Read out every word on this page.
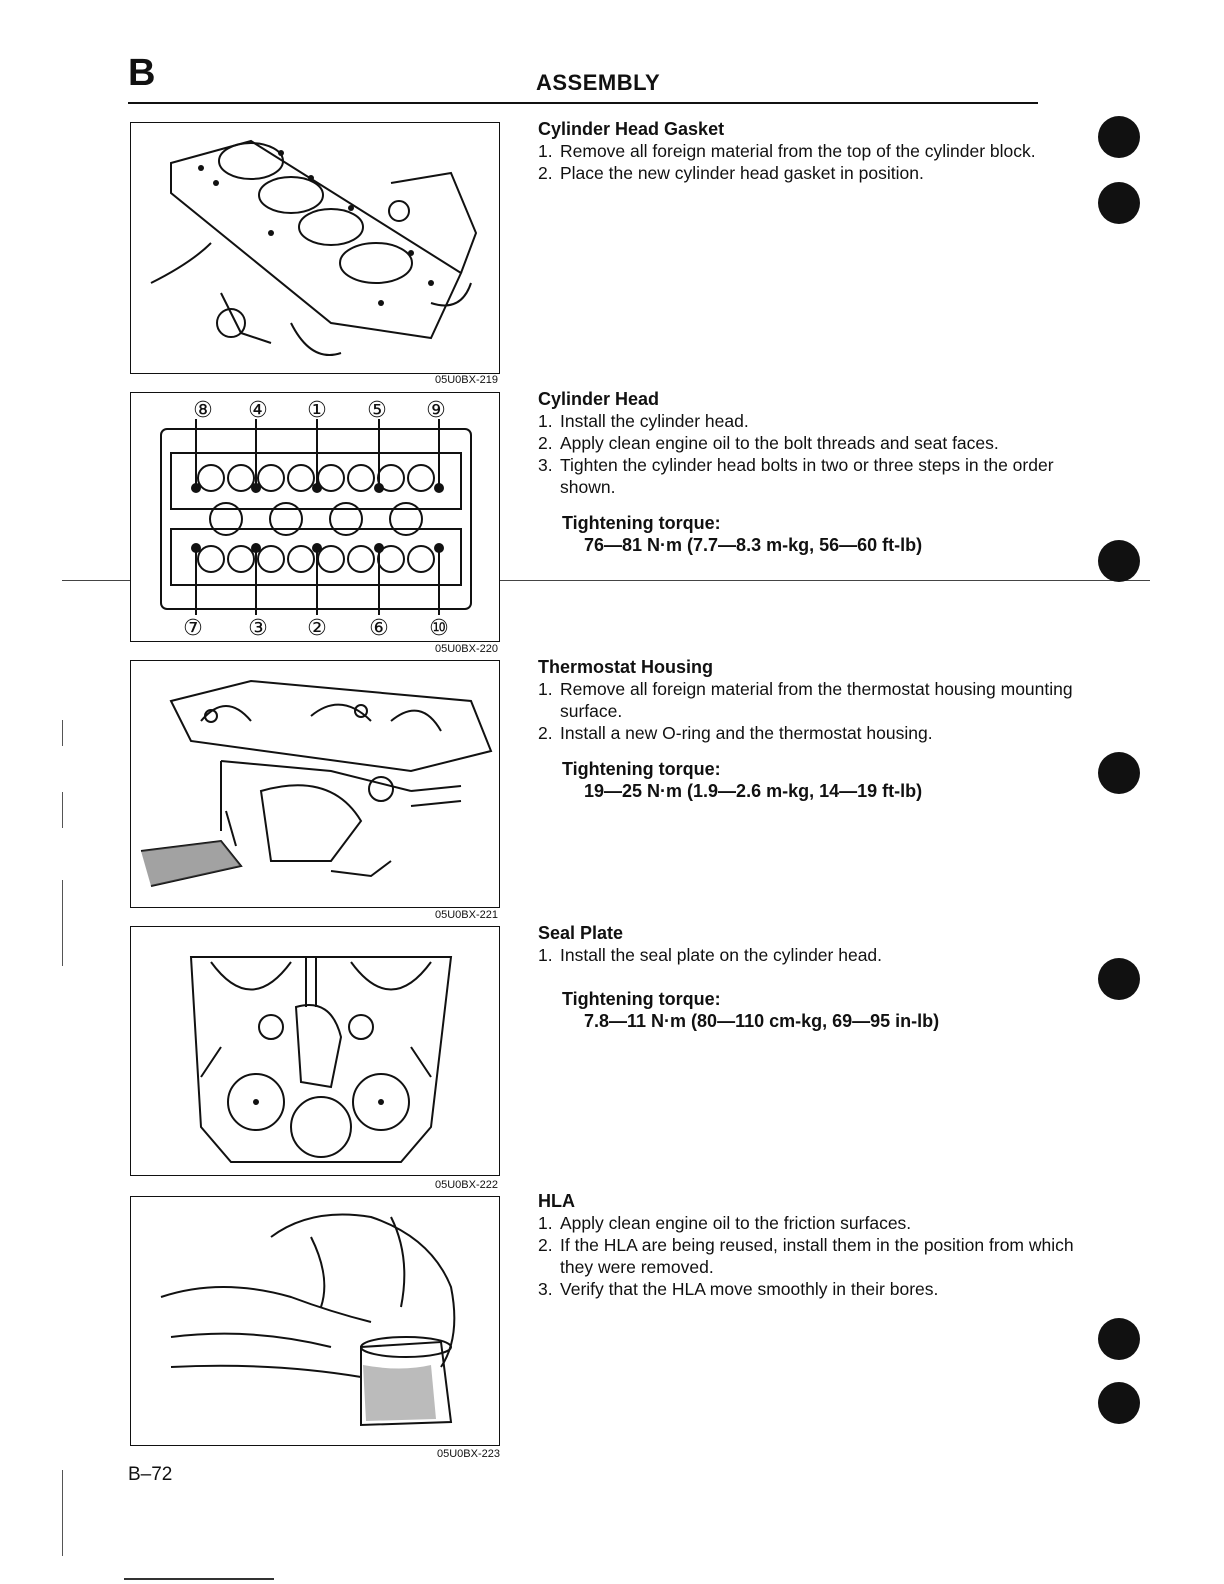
B	ASSEMBLY
05U0BX-219
⑧ ④ ① ⑤ ⑨
⑦ ③ ② ⑥ ⑩
05U0BX-220
05U0BX-221
05U0BX-222
05U0BX-223
Cylinder Head Gasket
1. Remove all foreign material from the top of the cylinder block.
2. Place the new cylinder head gasket in position.
Cylinder Head
1. Install the cylinder head.
2. Apply clean engine oil to the bolt threads and seat faces.
3. Tighten the cylinder head bolts in two or three steps in the order shown.
Tightening torque:
76—81 N·m (7.7—8.3 m-kg, 56—60 ft-lb)
Thermostat Housing
1. Remove all foreign material from the thermostat housing mounting surface.
2. Install a new O-ring and the thermostat housing.
Tightening torque:
19—25 N·m (1.9—2.6 m-kg, 14—19 ft-lb)
Seal Plate
1. Install the seal plate on the cylinder head.
Tightening torque:
7.8—11 N·m (80—110 cm-kg, 69—95 in-lb)
HLA
1. Apply clean engine oil to the friction surfaces.
2. If the HLA are being reused, install them in the position from which they were removed.
3. Verify that the HLA move smoothly in their bores.
B–72
